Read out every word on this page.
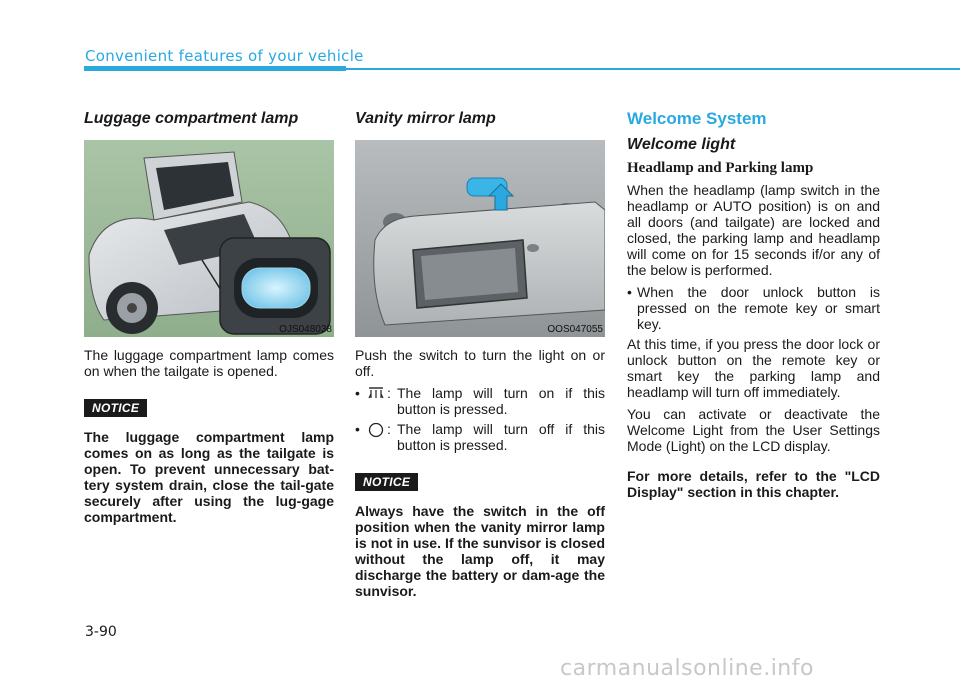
Convenient features of your vehicle
Luggage compartment lamp
OJS048038

The luggage compartment lamp comes on when the tailgate is opened.

NOTICE

The luggage compartment lamp comes on as long as the tailgate is open. To prevent unnecessary bat-tery system drain, close the tail-gate securely after using the lug-gage compartment.

Vanity mirror lamp
OOS047055

Push the switch to turn the light on or off.

•	: The lamp will turn on if this button is pressed.
•	: The lamp will turn off if this button is pressed.
NOTICE

Always have the switch in the off position when the vanity mirror lamp is not in use. If the sunvisor is closed without the lamp off, it may discharge the battery or dam-age the sunvisor.

Welcome System
Welcome light
Headlamp and Parking lamp

When the headlamp (lamp switch in the headlamp or AUTO position) is on and all doors (and tailgate) are locked and closed, the parking lamp and headlamp will come on for 15 seconds if/or any of the below is performed.

• When the door unlock button is pressed on the remote key or smart key.

At this time, if you press the door lock or unlock button on the remote key or smart key the parking lamp and headlamp will turn off immediately.

You can activate or deactivate the Welcome Light from the User Settings Mode (Light) on the LCD display.

For more details, refer to the "LCD Display" section in this chapter.

3-90
carmanualsonline.info
